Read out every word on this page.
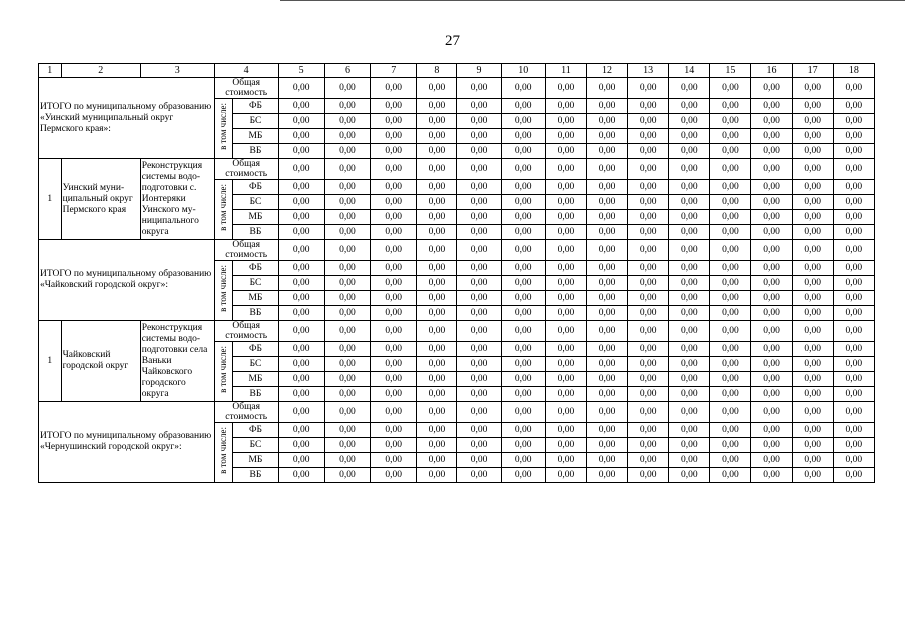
27
1	2	3	4		5	6	7	8	9	10	11	12	13	14	15	16	17	18
ИТОГО по муниципальному образованию «Уинский муниципальный округ Пермского края»:			Общая стоимость		0,00	0,00	0,00	0,00	0,00	0,00	0,00	0,00	0,00	0,00	0,00	0,00	0,00	0,00
			в том числе:	ФБ	0,00	0,00	0,00	0,00	0,00	0,00	0,00	0,00	0,00	0,00	0,00	0,00	0,00	0,00
				БС	0,00	0,00	0,00	0,00	0,00	0,00	0,00	0,00	0,00	0,00	0,00	0,00	0,00	0,00
				МБ	0,00	0,00	0,00	0,00	0,00	0,00	0,00	0,00	0,00	0,00	0,00	0,00	0,00	0,00
				ВБ	0,00	0,00	0,00	0,00	0,00	0,00	0,00	0,00	0,00	0,00	0,00	0,00	0,00	0,00
1	Уинский муни-ципальный округ Пермского края	Реконструкция системы водо-подготовки с. Ионтеряки Уинского му-ниципального округа	Общая стоимость		0,00	0,00	0,00	0,00	0,00	0,00	0,00	0,00	0,00	0,00	0,00	0,00	0,00	0,00
			в том числе:	ФБ	0,00	0,00	0,00	0,00	0,00	0,00	0,00	0,00	0,00	0,00	0,00	0,00	0,00	0,00
				БС	0,00	0,00	0,00	0,00	0,00	0,00	0,00	0,00	0,00	0,00	0,00	0,00	0,00	0,00
				МБ	0,00	0,00	0,00	0,00	0,00	0,00	0,00	0,00	0,00	0,00	0,00	0,00	0,00	0,00
				ВБ	0,00	0,00	0,00	0,00	0,00	0,00	0,00	0,00	0,00	0,00	0,00	0,00	0,00	0,00
ИТОГО по муниципальному образованию «Чайковский городской округ»:			Общая стоимость		0,00	0,00	0,00	0,00	0,00	0,00	0,00	0,00	0,00	0,00	0,00	0,00	0,00	0,00
			в том числе:	ФБ	0,00	0,00	0,00	0,00	0,00	0,00	0,00	0,00	0,00	0,00	0,00	0,00	0,00	0,00
				БС	0,00	0,00	0,00	0,00	0,00	0,00	0,00	0,00	0,00	0,00	0,00	0,00	0,00	0,00
				МБ	0,00	0,00	0,00	0,00	0,00	0,00	0,00	0,00	0,00	0,00	0,00	0,00	0,00	0,00
				ВБ	0,00	0,00	0,00	0,00	0,00	0,00	0,00	0,00	0,00	0,00	0,00	0,00	0,00	0,00
1	Чайковский городской округ	Реконструкция системы водо-подготовки села Ваньки Чайковского городского округа	Общая стоимость		0,00	0,00	0,00	0,00	0,00	0,00	0,00	0,00	0,00	0,00	0,00	0,00	0,00	0,00
			в том числе:	ФБ	0,00	0,00	0,00	0,00	0,00	0,00	0,00	0,00	0,00	0,00	0,00	0,00	0,00	0,00
				БС	0,00	0,00	0,00	0,00	0,00	0,00	0,00	0,00	0,00	0,00	0,00	0,00	0,00	0,00
				МБ	0,00	0,00	0,00	0,00	0,00	0,00	0,00	0,00	0,00	0,00	0,00	0,00	0,00	0,00
				ВБ	0,00	0,00	0,00	0,00	0,00	0,00	0,00	0,00	0,00	0,00	0,00	0,00	0,00	0,00
ИТОГО по муниципальному образованию «Чернушинский городской округ»:			Общая стоимость		0,00	0,00	0,00	0,00	0,00	0,00	0,00	0,00	0,00	0,00	0,00	0,00	0,00	0,00
			в том числе:	ФБ	0,00	0,00	0,00	0,00	0,00	0,00	0,00	0,00	0,00	0,00	0,00	0,00	0,00	0,00
				БС	0,00	0,00	0,00	0,00	0,00	0,00	0,00	0,00	0,00	0,00	0,00	0,00	0,00	0,00
				МБ	0,00	0,00	0,00	0,00	0,00	0,00	0,00	0,00	0,00	0,00	0,00	0,00	0,00	0,00
				ВБ	0,00	0,00	0,00	0,00	0,00	0,00	0,00	0,00	0,00	0,00	0,00	0,00	0,00	0,00
